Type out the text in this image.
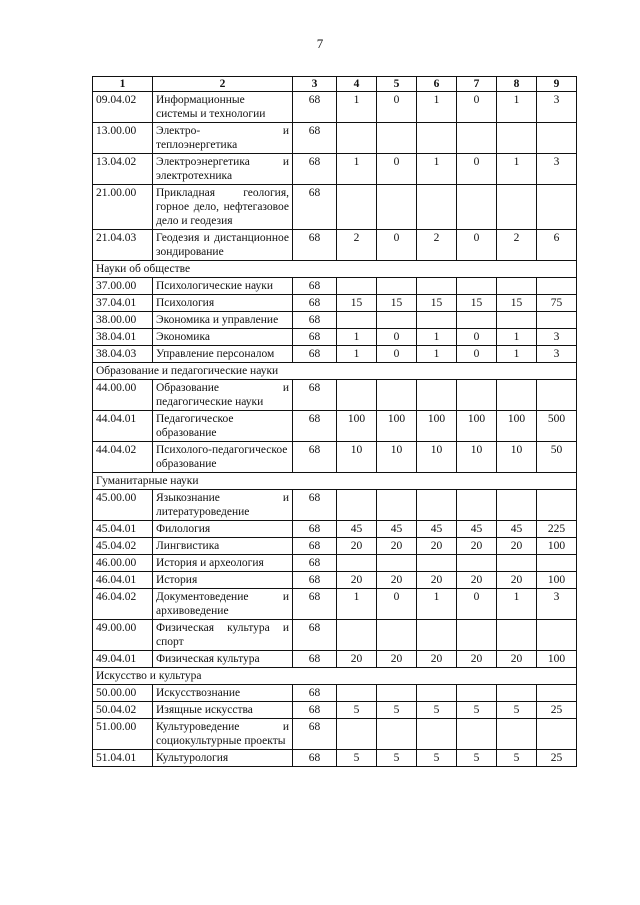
7
1	2	3	4	5	6	7	8	9
09.04.02	Информационные системы и технологии	68	1	0	1	0	1	3
13.00.00	Электро- и теплоэнергетика	68						
13.04.02	Электроэнергетика и электротехника	68	1	0	1	0	1	3
21.00.00	Прикладная геология, горное дело, нефтегазовое дело и геодезия	68						
21.04.03	Геодезия и дистанционное зондирование	68	2	0	2	0	2	6
Науки об обществе								
37.00.00	Психологические науки	68						
37.04.01	Психология	68	15	15	15	15	15	75
38.00.00	Экономика и управление	68						
38.04.01	Экономика	68	1	0	1	0	1	3
38.04.03	Управление персоналом	68	1	0	1	0	1	3
Образование и педагогические науки								
44.00.00	Образование и педагогические науки	68						
44.04.01	Педагогическое образование	68	100	100	100	100	100	500
44.04.02	Психолого-педагогическое образование	68	10	10	10	10	10	50
Гуманитарные науки								
45.00.00	Языкознание и литературоведение	68						
45.04.01	Филология	68	45	45	45	45	45	225
45.04.02	Лингвистика	68	20	20	20	20	20	100
46.00.00	История и археология	68						
46.04.01	История	68	20	20	20	20	20	100
46.04.02	Документоведение и архивоведение	68	1	0	1	0	1	3
49.00.00	Физическая культура и спорт	68						
49.04.01	Физическая культура	68	20	20	20	20	20	100
Искусство и культура								
50.00.00	Искусствознание	68						
50.04.02	Изящные искусства	68	5	5	5	5	5	25
51.00.00	Культуроведение и социокультурные проекты	68						
51.04.01	Культурология	68	5	5	5	5	5	25
